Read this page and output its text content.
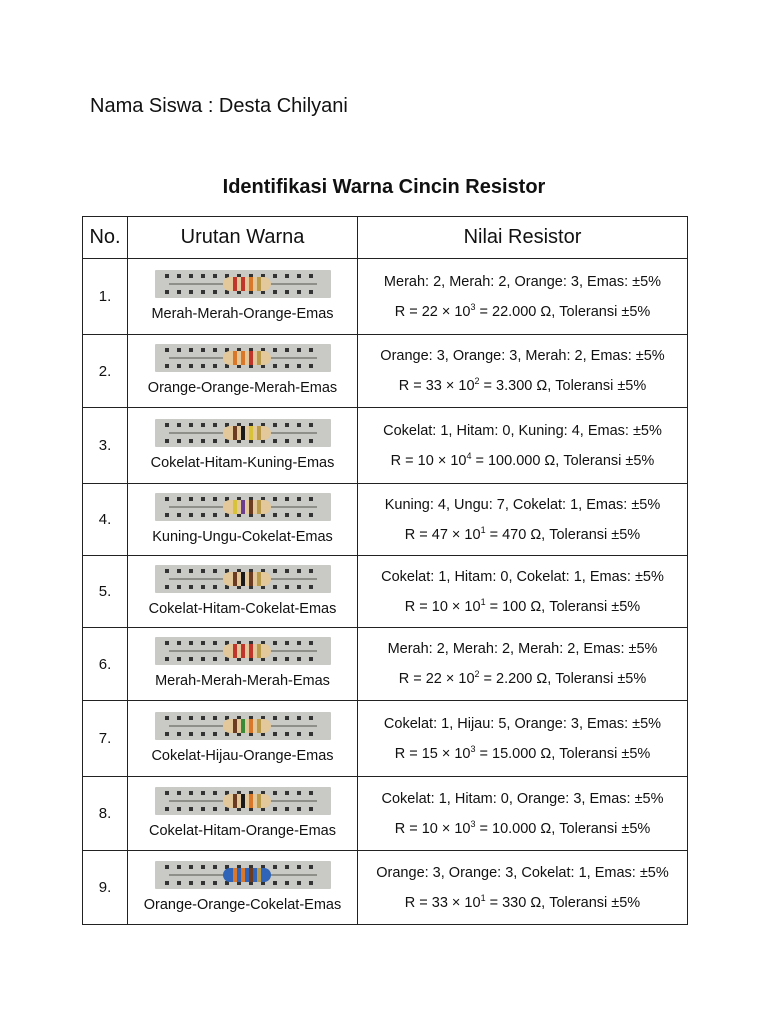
Nama Siswa : Desta Chilyani
Identifikasi Warna Cincin Resistor
No.	Urutan Warna	Nilai Resistor
1.	Merah-Merah-Orange-Emas	Merah: 2, Merah: 2, Orange: 3, Emas: ±5%
$R = 22 \times 10^3 = 22.000$ Ω, Toleransi ±5%

2.	Orange-Orange-Merah-Emas	Orange: 3, Orange: 3, Merah: 2, Emas: ±5%
$R = 33 \times 10^2 = 3.300$ Ω, Toleransi ±5%

3.	Cokelat-Hitam-Kuning-Emas	Cokelat: 1, Hitam: 0, Kuning: 4, Emas: ±5%
$R = 10 \times 10^4 = 100.000$ Ω, Toleransi ±5%

4.	Kuning-Ungu-Cokelat-Emas	Kuning: 4, Ungu: 7, Cokelat: 1, Emas: ±5%
$R = 47 \times 10^1 = 470$ Ω, Toleransi ±5%

5.	Cokelat-Hitam-Cokelat-Emas	Cokelat: 1, Hitam: 0, Cokelat: 1, Emas: ±5%
$R = 10 \times 10^1 = 100$ Ω, Toleransi ±5%

6.	Merah-Merah-Merah-Emas	Merah: 2, Merah: 2, Merah: 2, Emas: ±5%
$R = 22 \times 10^2 = 2.200$ Ω, Toleransi ±5%

7.	Cokelat-Hijau-Orange-Emas	Cokelat: 1, Hijau: 5, Orange: 3, Emas: ±5%
$R = 15 \times 10^3 = 15.000$ Ω, Toleransi ±5%

8.	Cokelat-Hitam-Orange-Emas	Cokelat: 1, Hitam: 0, Orange: 3, Emas: ±5%
$R = 10 \times 10^3 = 10.000$ Ω, Toleransi ±5%

9.	Orange-Orange-Cokelat-Emas	Orange: 3, Orange: 3, Cokelat: 1, Emas: ±5%
$R = 33 \times 10^1 = 330$ Ω, Toleransi ±5%
